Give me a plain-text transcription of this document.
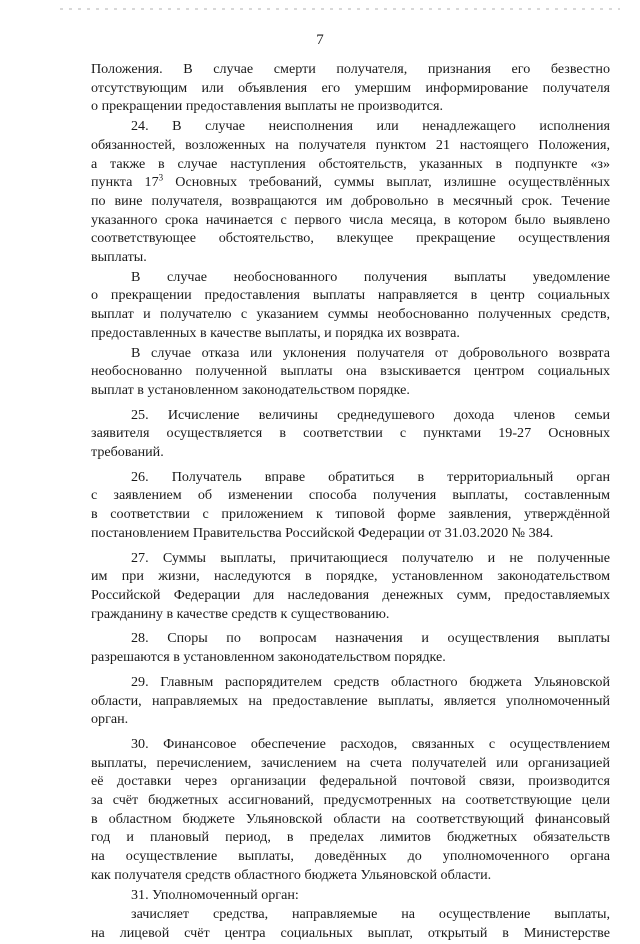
7
Положения. В случае смерти получателя, признания его безвестно
отсутствующим или объявления его умершим информирование получателя
о прекращении предоставления выплаты не производится.
24. В случае неисполнения или ненадлежащего исполнения
обязанностей, возложенных на получателя пунктом 21 настоящего Положения,
а также в случае наступления обстоятельств, указанных в подпункте «з»
пункта $17^3$ Основных требований, суммы выплат, излишне осуществлённых
по вине получателя, возвращаются им добровольно в месячный срок. Течение
указанного срока начинается с первого числа месяца, в котором было выявлено
соответствующее обстоятельство, влекущее прекращение осуществления
выплаты.
В случае необоснованного получения выплаты уведомление
о прекращении предоставления выплаты направляется в центр социальных
выплат и получателю с указанием суммы необоснованно полученных средств,
предоставленных в качестве выплаты, и порядка их возврата.
В случае отказа или уклонения получателя от добровольного возврата
необоснованно полученной выплаты она взыскивается центром социальных
выплат в установленном законодательством порядке.
25. Исчисление величины среднедушевого дохода членов семьи
заявителя осуществляется в соответствии с пунктами 19-27 Основных
требований.
26. Получатель вправе обратиться в территориальный орган
с заявлением об изменении способа получения выплаты, составленным
в соответствии с приложением к типовой форме заявления, утверждённой
постановлением Правительства Российской Федерации от 31.03.2020 № 384.
27. Суммы выплаты, причитающиеся получателю и не полученные
им при жизни, наследуются в порядке, установленном законодательством
Российской Федерации для наследования денежных сумм, предоставляемых
гражданину в качестве средств к существованию.
28. Споры по вопросам назначения и осуществления выплаты
разрешаются в установленном законодательством порядке.
29. Главным распорядителем средств областного бюджета Ульяновской
области, направляемых на предоставление выплаты, является уполномоченный
орган.
30. Финансовое обеспечение расходов, связанных с осуществлением
выплаты, перечислением, зачислением на счета получателей или организацией
её доставки через организации федеральной почтовой связи, производится
за счёт бюджетных ассигнований, предусмотренных на соответствующие цели
в областном бюджете Ульяновской области на соответствующий финансовый
год и плановый период, в пределах лимитов бюджетных обязательств
на осуществление выплаты, доведённых до уполномоченного органа
как получателя средств областного бюджета Ульяновской области.
31. Уполномоченный орган:
зачисляет средства, направляемые на осуществление выплаты,
на лицевой счёт центра социальных выплат, открытый в Министерстве
